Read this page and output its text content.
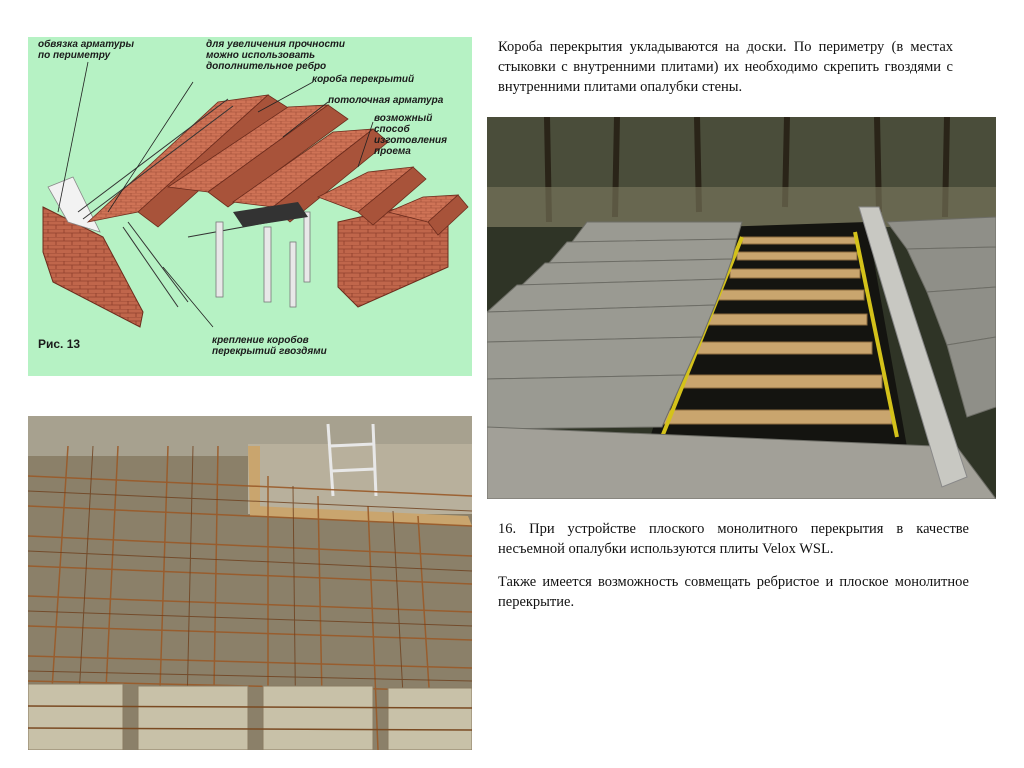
обвязка арматуры
по периметру
для увеличения прочности
можно использовать
дополнительное ребро
короба перекрытий
потолочная арматура
возможный
способ
изготовления
проема
крепление коробов
перекрытий гвоздями
Рис. 13

Короба перекрытия укладываются на доски. По периметру (в местах стыковки с внутренними плитами) их необходимо скрепить гвоздями с внутренними плитами опалубки стены.

16. При устройстве плоского монолитного перекрытия в качестве несъемной опалубки используются плиты Velox WSL.

Также имеется возможность совмещать ребристое и плоское монолитное перекрытие.
